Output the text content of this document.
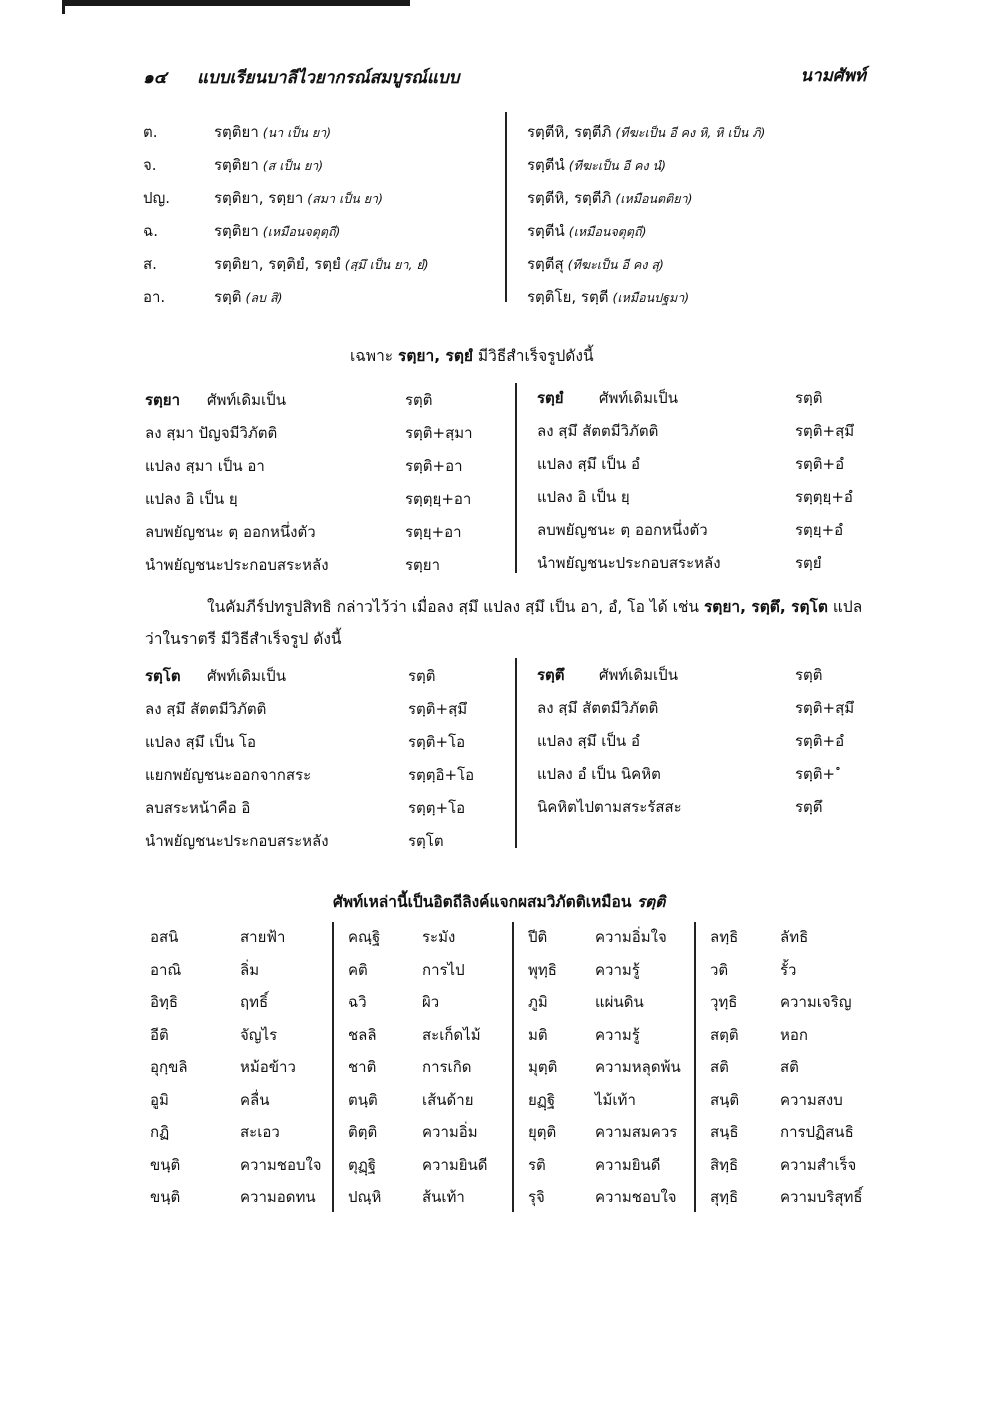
๑๔ แบบเรียนบาลีไวยากรณ์สมบูรณ์แบบ	นามศัพท์
ต.	รตฺติยา (นา เป็น ยา)	รตฺตีหิ, รตฺตีภิ (ทีฆะเป็น อี คง หิ, หิ เป็น ภิ)
จ.	รตฺติยา (ส เป็น ยา)	รตฺตีนํ (ทีฆะเป็น อี คง นํ)
ปญ.	รตฺติยา, รตฺยา (สมา เป็น ยา)	รตฺตีหิ, รตฺตีภิ (เหมือนตติยา)
ฉ.	รตฺติยา (เหมือนจตุตฺถี)	รตฺตีนํ (เหมือนจตุตฺถี)
ส.	รตฺติยา, รตฺติยํ, รตฺยํ (สฺมึ เป็น ยา, ยํ)	รตฺตีสุ (ทีฆะเป็น อี คง สุ)
อา.	รตฺติ (ลบ สิ)	รตฺติโย, รตฺตี (เหมือนปฐมา)
เฉพาะ รตฺยา, รตฺยํ มีวิธีสำเร็จรูปดังนี้
รตฺยา ศัพท์เดิมเป็น	รตฺติ
ลง สฺมา ปัญจมีวิภัตติ	รตฺติ+สฺมา
แปลง สฺมา เป็น อา	รตฺติ+อา
แปลง อิ เป็น ยฺ	รตฺตฺยฺ+อา
ลบพยัญชนะ ตฺ ออกหนึ่งตัว	รตฺยฺ+อา
นำพยัญชนะประกอบสระหลัง	รตฺยา
รตฺยํ ศัพท์เดิมเป็น	รตฺติ
ลง สฺมึ สัตตมีวิภัตติ	รตฺติ+สฺมึ
แปลง สฺมึ เป็น อํ	รตฺติ+อํ
แปลง อิ เป็น ยฺ	รตฺตฺยฺ+อํ
ลบพยัญชนะ ตฺ ออกหนึ่งตัว	รตฺยฺ+อํ
นำพยัญชนะประกอบสระหลัง	รตฺยํ
ในคัมภีร์ปทรูปสิทธิ กล่าวไว้ว่า เมื่อลง สฺมึ แปลง สฺมึ เป็น อา, อํ, โอ ได้ เช่น รตฺยา, รตฺตึ, รตฺโต แปลว่าในราตรี มีวิธีสำเร็จรูป ดังนี้
รตฺโต ศัพท์เดิมเป็น	รตฺติ
ลง สฺมึ สัตตมีวิภัตติ	รตฺติ+สฺมึ
แปลง สฺมึ เป็น โอ	รตฺติ+โอ
แยกพยัญชนะออกจากสระ	รตฺตฺอิ+โอ
ลบสระหน้าคือ อิ	รตฺตฺ+โอ
นำพยัญชนะประกอบสระหลัง	รตฺโต
รตฺตึ ศัพท์เดิมเป็น	รตฺติ
ลง สฺมึ สัตตมีวิภัตติ	รตฺติ+สฺมึ
แปลง สฺมึ เป็น อํ	รตฺติ+อํ
แปลง อํ เป็น นิคหิต	รตฺติ+ ํ
นิคหิตไปตามสระรัสสะ	รตฺตึ
ศัพท์เหล่านี้เป็นอิตถีลิงค์แจกผสมวิภัตติเหมือน รตฺติ
อสนิ	สายฟ้า
อาณิ	ลิ่ม
อิทฺธิ	ฤทธิ์
อีติ	จัญไร
อุกฺขลิ	หม้อข้าว
อูมิ	คลื่น
กฏิ	สะเอว
ขนฺติ	ความชอบใจ
ขนฺติ	ความอดทน
คณฺฐิ	ระมัง
คติ	การไป
ฉวิ	ผิว
ชลลิ	สะเก็ดไม้
ชาติ	การเกิด
ตนฺติ	เส้นด้าย
ติตฺติ	ความอิ่ม
ตุฏฺฐิ	ความยินดี
ปณฺหิ	ส้นเท้า
ปีติ	ความอิ่มใจ
พุทฺธิ	ความรู้
ภูมิ	แผ่นดิน
มติ	ความรู้
มุตฺติ	ความหลุดพ้น
ยฏฺฐิ	ไม้เท้า
ยุตฺติ	ความสมควร
รติ	ความยินดี
รุจิ	ความชอบใจ
ลทฺธิ	ลัทธิ
วติ	รั้ว
วุทฺธิ	ความเจริญ
สตฺติ	หอก
สติ	สติ
สนฺติ	ความสงบ
สนฺธิ	การปฏิสนธิ
สิทฺธิ	ความสำเร็จ
สุทฺธิ	ความบริสุทธิ์
